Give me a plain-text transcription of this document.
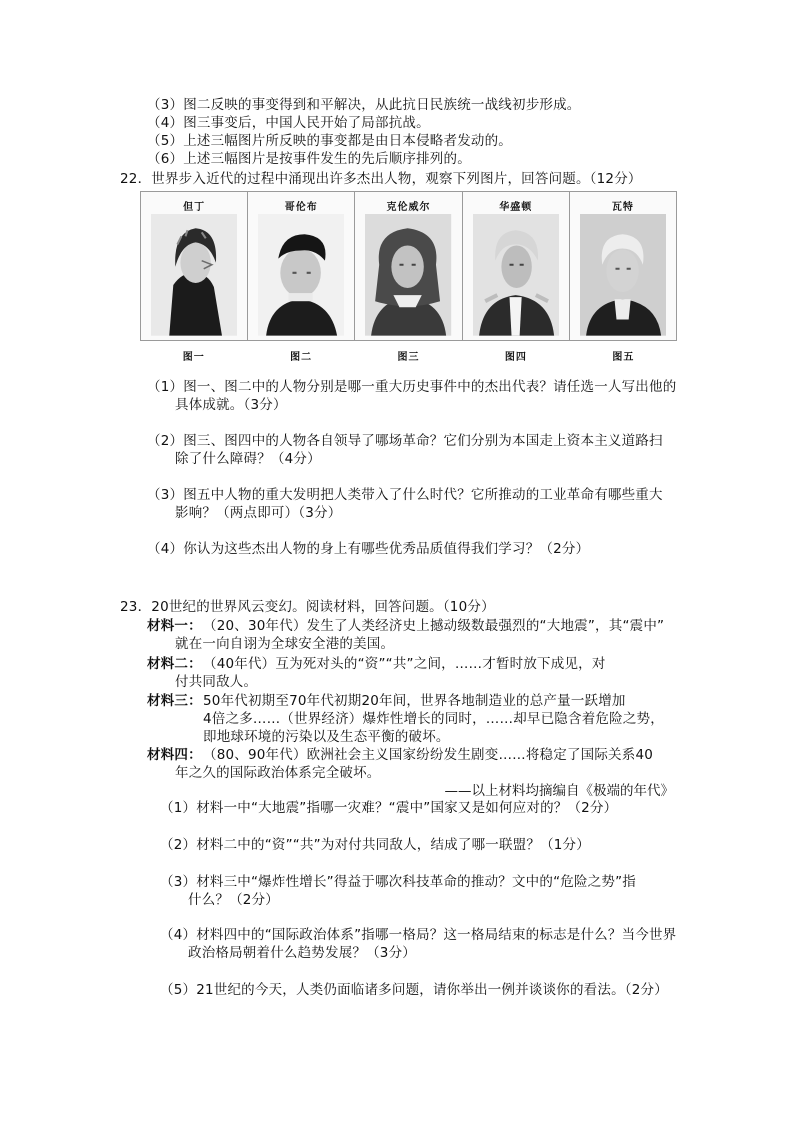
（3）图二反映的事变得到和平解决，从此抗日民族统一战线初步形成。
（4）图三事变后，中国人民开始了局部抗战。
（5）上述三幅图片所反映的事变都是由日本侵略者发动的。
（6）上述三幅图片是按事件发生的先后顺序排列的。
22．世界步入近代的过程中涌现出许多杰出人物，观察下列图片，回答问题。（12分）
但丁	哥伦布	克伦威尔	华盛顿	瓦特
图一	图二	图三	图四	图五
（1）图一、图二中的人物分别是哪一重大历史事件中的杰出代表？请任选一人写出他的
具体成就。（3分）
（2）图三、图四中的人物各自领导了哪场革命？它们分别为本国走上资本主义道路扫
除了什么障碍？（4分）
（3）图五中人物的重大发明把人类带入了什么时代？它所推动的工业革命有哪些重大
影响？（两点即可）（3分）
（4）你认为这些杰出人物的身上有哪些优秀品质值得我们学习？（2分）
23．20世纪的世界风云变幻。阅读材料，回答问题。（10分）
材料一： （20、30年代）发生了人类经济史上撼动级数最强烈的“大地震”，其“震中”
就在一向自诩为全球安全港的美国。
材料二： （40年代）互为死对头的“资”“共”之间，……才暂时放下成见，对
付共同敌人。
材料三： 50年代初期至70年代初期20年间，世界各地制造业的总产量一跃增加
4倍之多……（世界经济）爆炸性增长的同时，……却早已隐含着危险之势，
即地球环境的污染以及生态平衡的破坏。
材料四： （80、90年代）欧洲社会主义国家纷纷发生剧变……将稳定了国际关系40
年之久的国际政治体系完全破坏。
——以上材料均摘编自《极端的年代》
（1）材料一中“大地震”指哪一灾难？“震中”国家又是如何应对的？（2分）
（2）材料二中的“资”“共”为对付共同敌人，结成了哪一联盟？（1分）
（3）材料三中“爆炸性增长”得益于哪次科技革命的推动？文中的“危险之势”指
什么？（2分）
（4）材料四中的“国际政治体系”指哪一格局？这一格局结束的标志是什么？当今世界
政治格局朝着什么趋势发展？（3分）
（5）21世纪的今天，人类仍面临诸多问题，请你举出一例并谈谈你的看法。（2分）
